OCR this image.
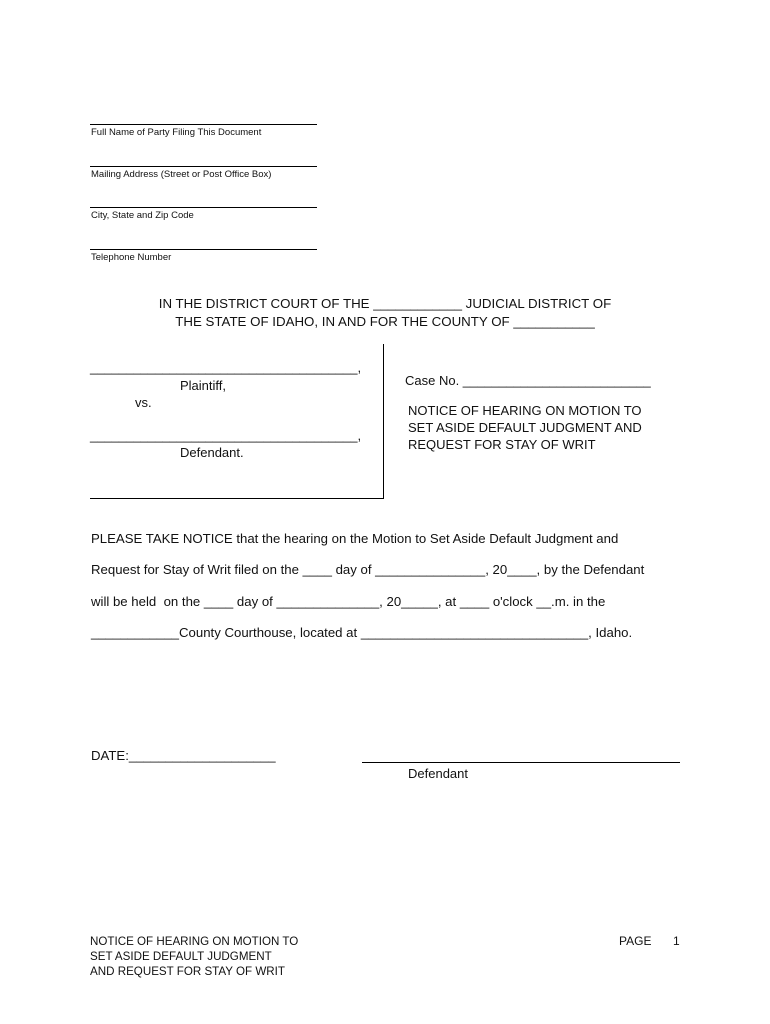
Full Name of Party Filing This Document
Mailing Address (Street or Post Office Box)
City, State and Zip Code
Telephone Number
IN THE DISTRICT COURT OF THE ____________ JUDICIAL DISTRICT OF
THE STATE OF IDAHO, IN AND FOR THE COUNTY OF ___________
_____________________________________,
Plaintiff,
vs.
_____________________________________,
Defendant.
Case No. __________________________
NOTICE OF HEARING ON MOTION TO
SET ASIDE DEFAULT JUDGMENT AND
REQUEST FOR STAY OF WRIT
PLEASE TAKE NOTICE that the hearing on the Motion to Set Aside Default Judgment and
Request for Stay of Writ filed on the ____ day of _______________, 20____, by the Defendant
will be held  on the ____ day of ______________, 20_____, at ____ o'clock __.m. in the
____________County Courthouse, located at _______________________________, Idaho.
DATE:____________________
Defendant
NOTICE OF HEARING ON MOTION TO
SET ASIDE DEFAULT JUDGMENT
AND REQUEST FOR STAY OF WRIT
PAGE 1
